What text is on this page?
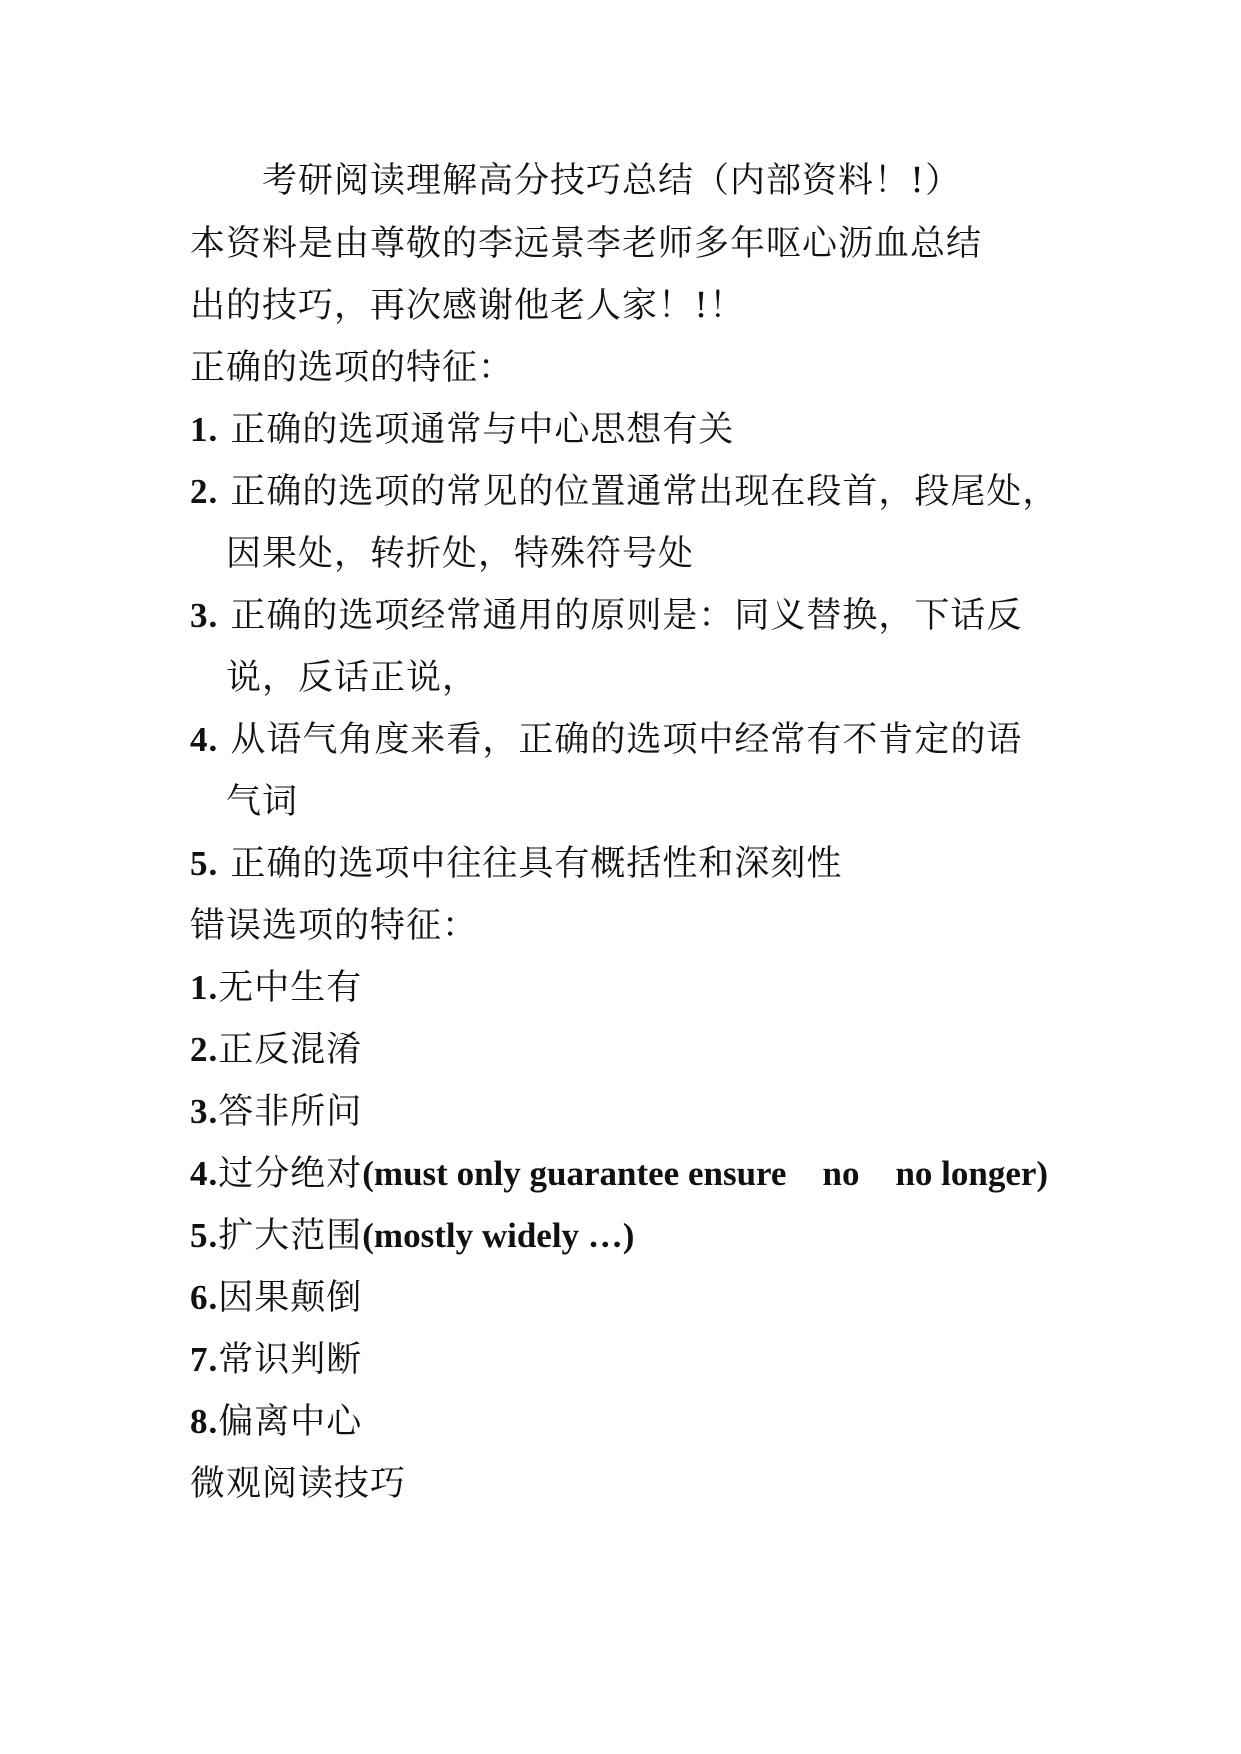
考研阅读理解高分技巧总结（内部资料！!）
本资料是由尊敬的李远景李老师多年呕心沥血总结
出的技巧，再次感谢他老人家！!！
正确的选项的特征：
1. 正确的选项通常与中心思想有关
2. 正确的选项的常见的位置通常出现在段首，段尾处，
因果处，转折处，特殊符号处
3. 正确的选项经常通用的原则是：同义替换，下话反
说，反话正说，
4. 从语气角度来看，正确的选项中经常有不肯定的语
气词
5. 正确的选项中往往具有概括性和深刻性
错误选项的特征：
1.无中生有
2.正反混淆
3.答非所问
4.过分绝对(must only guarantee ensure no no longer)
5.扩大范围(mostly widely …)
6.因果颠倒
7.常识判断
8.偏离中心
微观阅读技巧
